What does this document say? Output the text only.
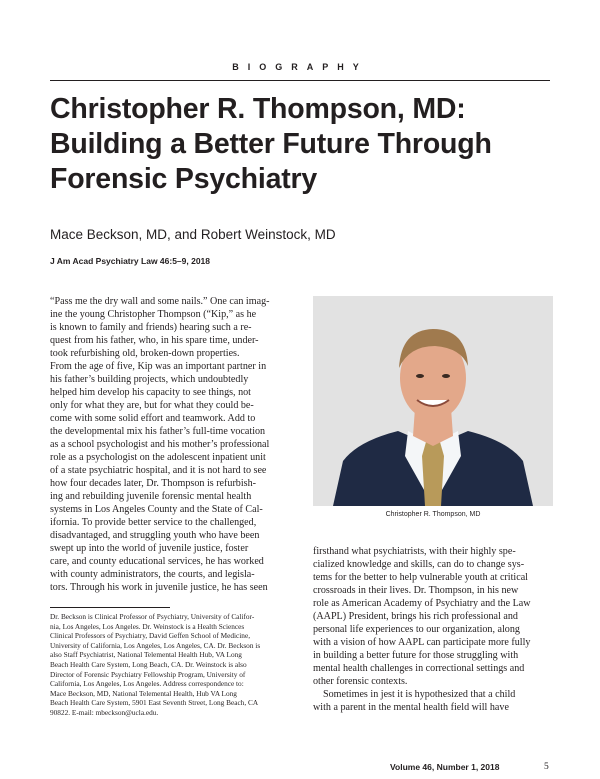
BIOGRAPHY
Christopher R. Thompson, MD:
Building a Better Future Through
Forensic Psychiatry

Mace Beckson, MD, and Robert Weinstock, MD

J Am Acad Psychiatry Law 46:5–9, 2018

“Pass me the dry wall and some nails.” One can imag-
ine the young Christopher Thompson (“Kip,” as he
is known to family and friends) hearing such a re-
quest from his father, who, in his spare time, under-
took refurbishing old, broken-down properties.
From the age of five, Kip was an important partner in
his father’s building projects, which undoubtedly
helped him develop his capacity to see things, not
only for what they are, but for what they could be-
come with some solid effort and teamwork. Add to
the developmental mix his father’s full-time vocation
as a school psychologist and his mother’s professional
role as a psychologist on the adolescent inpatient unit
of a state psychiatric hospital, and it is not hard to see
how four decades later, Dr. Thompson is refurbish-
ing and rebuilding juvenile forensic mental health
systems in Los Angeles County and the State of Cal-
ifornia. To provide better service to the challenged,
disadvantaged, and struggling youth who have been
swept up into the world of juvenile justice, foster
care, and county educational services, he has worked
with county administrators, the courts, and legisla-
tors. Through his work in juvenile justice, he has seen

Christopher R. Thompson, MD

firsthand what psychiatrists, with their highly spe-
cialized knowledge and skills, can do to change sys-
tems for the better to help vulnerable youth at critical
crossroads in their lives. Dr. Thompson, in his new
role as American Academy of Psychiatry and the Law
(AAPL) President, brings his rich professional and
personal life experiences to our organization, along
with a vision of how AAPL can participate more fully
in building a better future for those struggling with
mental health challenges in correctional settings and
other forensic contexts.
Sometimes in jest it is hypothesized that a child
with a parent in the mental health field will have
Dr. Beckson is Clinical Professor of Psychiatry, University of Califor-
nia, Los Angeles, Los Angeles. Dr. Weinstock is a Health Sciences
Clinical Professors of Psychiatry, David Geffen School of Medicine,
University of California, Los Angeles, Los Angeles, CA. Dr. Beckson is
also Staff Psychiatrist, National Telemental Health Hub, VA Long
Beach Health Care System, Long Beach, CA. Dr. Weinstock is also
Director of Forensic Psychiatry Fellowship Program, University of
California, Los Angeles, Los Angeles. Address correspondence to:
Mace Beckson, MD, National Telemental Health, Hub VA Long
Beach Health Care System, 5901 East Seventh Street, Long Beach, CA
90822. E-mail: mbeckson@ucla.edu.

Volume 46, Number 1, 2018	5
